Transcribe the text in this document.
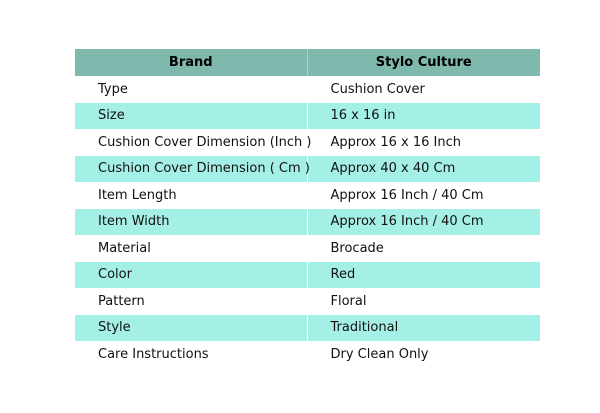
Brand	Stylo Culture
Type	Cushion Cover
Size	16 x 16 in
Cushion Cover Dimension (Inch )	Approx 16 x 16 Inch
Cushion Cover Dimension ( Cm )	Approx 40 x 40 Cm
Item Length	Approx 16 Inch / 40 Cm
Item Width	Approx 16 Inch / 40 Cm
Material	Brocade
Color	Red
Pattern	Floral
Style	Traditional
Care Instructions	Dry Clean Only
